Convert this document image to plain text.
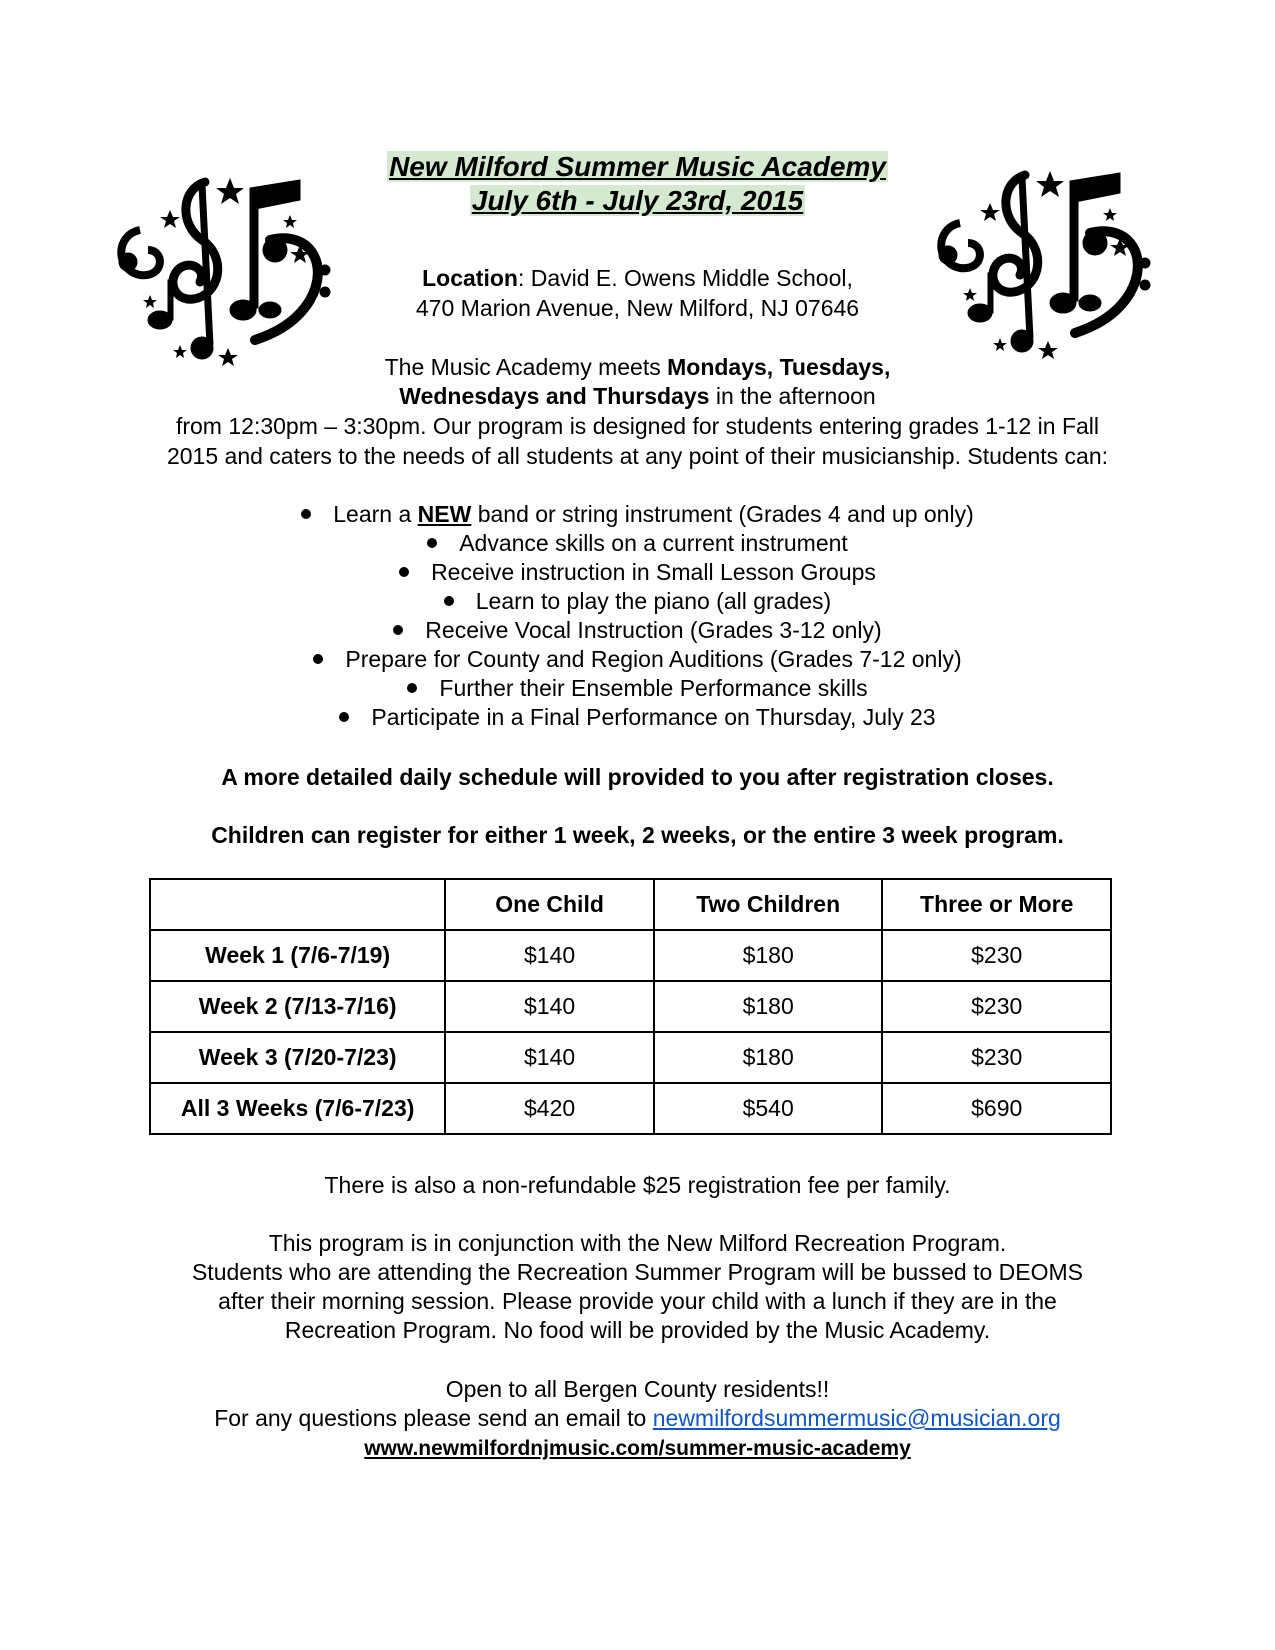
New Milford Summer Music Academy
July 6th - July 23rd, 2015
Location: David E. Owens Middle School,
470 Marion Avenue, New Milford, NJ 07646
The Music Academy meets Mondays, Tuesdays,
Wednesdays and Thursdays in the afternoon
from 12:30pm – 3:30pm. Our program is designed for students entering grades 1-12 in Fall
2015 and caters to the needs of all students at any point of their musicianship. Students can:
Learn a NEW band or string instrument (Grades 4 and up only)
Advance skills on a current instrument
Receive instruction in Small Lesson Groups
Learn to play the piano (all grades)
Receive Vocal Instruction (Grades 3-12 only)
Prepare for County and Region Auditions (Grades 7-12 only)
Further their Ensemble Performance skills
Participate in a Final Performance on Thursday, July 23
A more detailed daily schedule will provided to you after registration closes.
Children can register for either 1 week, 2 weeks, or the entire 3 week program.
	One Child	Two Children	Three or More
Week 1 (7/6-7/19)	$140	$180	$230
Week 2 (7/13-7/16)	$140	$180	$230
Week 3 (7/20-7/23)	$140	$180	$230
All 3 Weeks (7/6-7/23)	$420	$540	$690
There is also a non-refundable $25 registration fee per family.
This program is in conjunction with the New Milford Recreation Program.
Students who are attending the Recreation Summer Program will be bussed to DEOMS
after their morning session. Please provide your child with a lunch if they are in the
Recreation Program. No food will be provided by the Music Academy.
Open to all Bergen County residents!!
For any questions please send an email to newmilfordsummermusic@musician.org
www.newmilfordnjmusic.com/summer-music-academy
